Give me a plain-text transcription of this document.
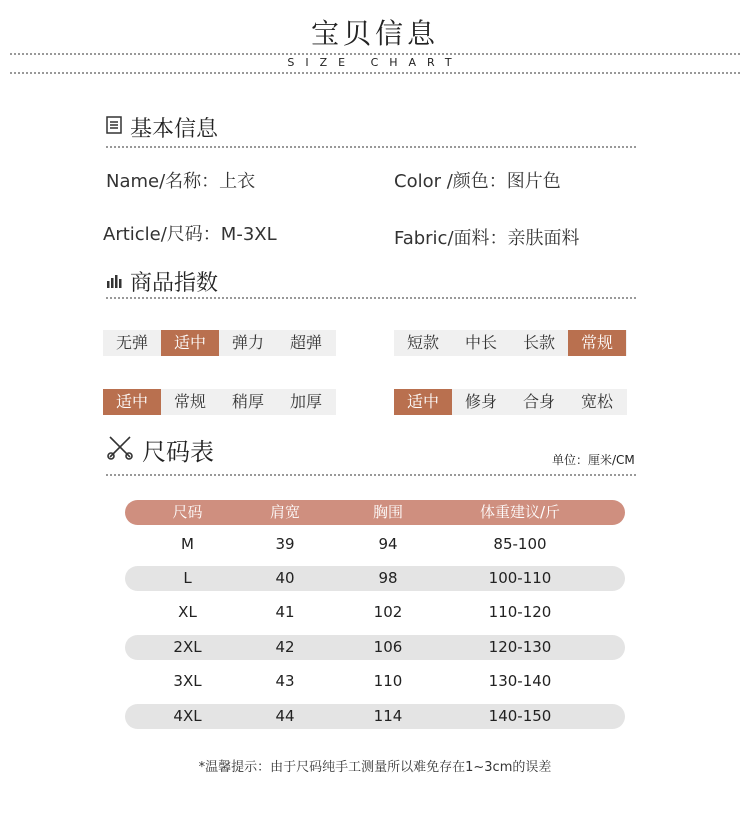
宝贝信息
SIZE CHART
基本信息
Name/名称：上衣	Color /颜色：图片色
Article/尺码：M-3XL	Fabric/面料：亲肤面料
商品指数
无弹	适中	弹力	超弹	短款	中长	长款	常规
适中	常规	稍厚	加厚	适中	修身	合身	宽松
尺码表	单位：厘米/CM
尺码	肩宽	胸围	体重建议/斤
M	39	94	85-100
L	40	98	100-110
XL	41	102	110-120
2XL	42	106	120-130
3XL	43	110	130-140
4XL	44	114	140-150
*温馨提示：由于尺码纯手工测量所以难免存在1~3cm的误差
